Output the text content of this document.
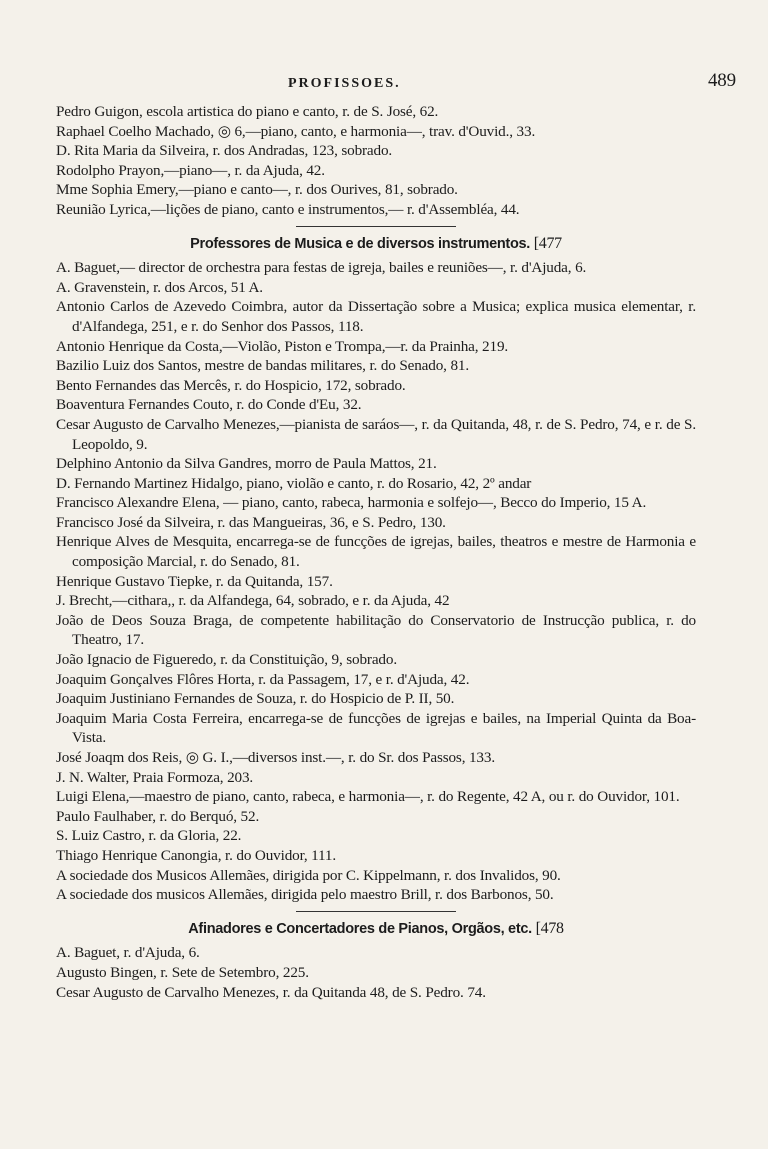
PROFISSOES.	489
Pedro Guigon, escola artistica do piano e canto, r. de S. José, 62.
Raphael Coelho Machado, ◎ 6,—piano, canto, e harmonia—, trav. d'Ouvid., 33.
D. Rita Maria da Silveira, r. dos Andradas, 123, sobrado.
Rodolpho Prayon,—piano—, r. da Ajuda, 42.
Mme Sophia Emery,—piano e canto—, r. dos Ourives, 81, sobrado.
Reunião Lyrica,—lições de piano, canto e instrumentos,— r. d'Assembléa, 44.
Professores de Musica e de diversos instrumentos. [477
A. Baguet,— director de orchestra para festas de igreja, bailes e reuniões—, r. d'Ajuda, 6.
A. Gravenstein, r. dos Arcos, 51 A.
Antonio Carlos de Azevedo Coimbra, autor da Dissertação sobre a Musica; explica musica elementar, r. d'Alfandega, 251, e r. do Senhor dos Passos, 118.
Antonio Henrique da Costa,—Violão, Piston e Trompa,—r. da Prainha, 219.
Bazilio Luiz dos Santos, mestre de bandas militares, r. do Senado, 81.
Bento Fernandes das Mercês, r. do Hospicio, 172, sobrado.
Boaventura Fernandes Couto, r. do Conde d'Eu, 32.
Cesar Augusto de Carvalho Menezes,—pianista de saráos—, r. da Quitanda, 48, r. de S. Pedro, 74, e r. de S. Leopoldo, 9.
Delphino Antonio da Silva Gandres, morro de Paula Mattos, 21.
D. Fernando Martinez Hidalgo, piano, violão e canto, r. do Rosario, 42, 2º andar
Francisco Alexandre Elena, — piano, canto, rabeca, harmonia e solfejo—, Becco do Imperio, 15 A.
Francisco José da Silveira, r. das Mangueiras, 36, e S. Pedro, 130.
Henrique Alves de Mesquita, encarrega-se de funcções de igrejas, bailes, theatros e mestre de Harmonia e composição Marcial, r. do Senado, 81.
Henrique Gustavo Tiepke, r. da Quitanda, 157.
J. Brecht,—cithara,, r. da Alfandega, 64, sobrado, e r. da Ajuda, 42
João de Deos Souza Braga, de competente habilitação do Conservatorio de Instrucção publica, r. do Theatro, 17.
João Ignacio de Figueredo, r. da Constituição, 9, sobrado.
Joaquim Gonçalves Flôres Horta, r. da Passagem, 17, e r. d'Ajuda, 42.
Joaquim Justiniano Fernandes de Souza, r. do Hospicio de P. II, 50.
Joaquim Maria Costa Ferreira, encarrega-se de funcções de igrejas e bailes, na Imperial Quinta da Boa-Vista.
José Joaqm dos Reis, ◎ G. I.,—diversos inst.—, r. do Sr. dos Passos, 133.
J. N. Walter, Praia Formoza, 203.
Luigi Elena,—maestro de piano, canto, rabeca, e harmonia—, r. do Regente, 42 A, ou r. do Ouvidor, 101.
Paulo Faulhaber, r. do Berquó, 52.
S. Luiz Castro, r. da Gloria, 22.
Thiago Henrique Canongia, r. do Ouvidor, 111.
A sociedade dos Musicos Allemães, dirigida por C. Kippelmann, r. dos Invalidos, 90.
A sociedade dos musicos Allemães, dirigida pelo maestro Brill, r. dos Barbonos, 50.
Afinadores e Concertadores de Pianos, Orgãos, etc. [478
A. Baguet, r. d'Ajuda, 6.
Augusto Bingen, r. Sete de Setembro, 225.
Cesar Augusto de Carvalho Menezes, r. da Quitanda 48, de S. Pedro. 74.
